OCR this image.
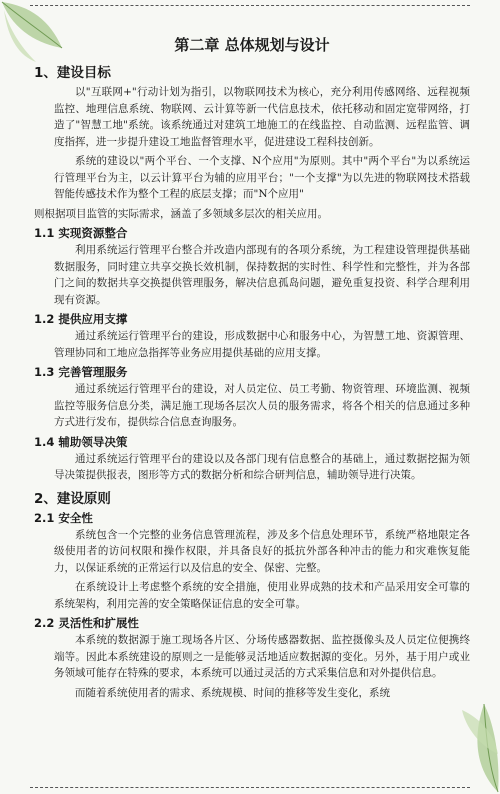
第二章 总体规划与设计
1、建设目标

以"互联网+"行动计划为指引，以物联网技术为核心，充分利用传感网络、远程视频监控、地理信息系统、物联网、云计算等新一代信息技术，依托移动和固定宽带网络，打造了"智慧工地"系统。该系统通过对建筑工地施工的在线监控、自动监测、远程监管、调度指挥，进一步提升建设工地监督管理水平，促进建设工程科技创新。

系统的建设以"两个平台、一个支撑、N个应用"为原则。其中"两个平台"为以系统运行管理平台为主，以云计算平台为辅的应用平台；"一个支撑"为以先进的物联网技术搭载智能传感技术作为整个工程的底层支撑；而"N个应用"

则根据项目监管的实际需求，涵盖了多领域多层次的相关应用。

1.1 实现资源整合

利用系统运行管理平台整合并改造内部现有的各项分系统，为工程建设管理提供基础数据服务，同时建立共享交换长效机制，保持数据的实时性、科学性和完整性，并为各部门之间的数据共享交换提供管理服务，解决信息孤岛问题，避免重复投资、科学合理利用现有资源。

1.2 提供应用支撑

通过系统运行管理平台的建设，形成数据中心和服务中心，为智慧工地、资源管理、管理协同和工地应急指挥等业务应用提供基础的应用支撑。

1.3 完善管理服务

通过系统运行管理平台的建设，对人员定位、员工考勤、物资管理、环境监测、视频监控等服务信息分类，满足施工现场各层次人员的服务需求，将各个相关的信息通过多种方式进行发布，提供综合信息查询服务。

1.4 辅助领导决策

通过系统运行管理平台的建设以及各部门现有信息整合的基础上，通过数据挖掘为领导决策提供报表，图形等方式的数据分析和综合研判信息，辅助领导进行决策。

2、建设原则
2.1 安全性

系统包含一个完整的业务信息管理流程，涉及多个信息处理环节，系统严格地限定各级使用者的访问权限和操作权限，并具备良好的抵抗外部各种冲击的能力和灾难恢复能力，以保证系统的正常运行以及信息的安全、保密、完整。

在系统设计上考虑整个系统的安全措施，使用业界成熟的技术和产品采用安全可靠的系统架构，利用完善的安全策略保证信息的安全可靠。

2.2 灵活性和扩展性

本系统的数据源于施工现场各片区、分场传感器数据、监控摄像头及人员定位便携终端等。因此本系统建设的原则之一是能够灵活地适应数据源的变化。另外，基于用户或业务领域可能存在特殊的要求，本系统可以通过灵活的方式采集信息和对外提供信息。

而随着系统使用者的需求、系统规模、时间的推移等发生变化，系统
